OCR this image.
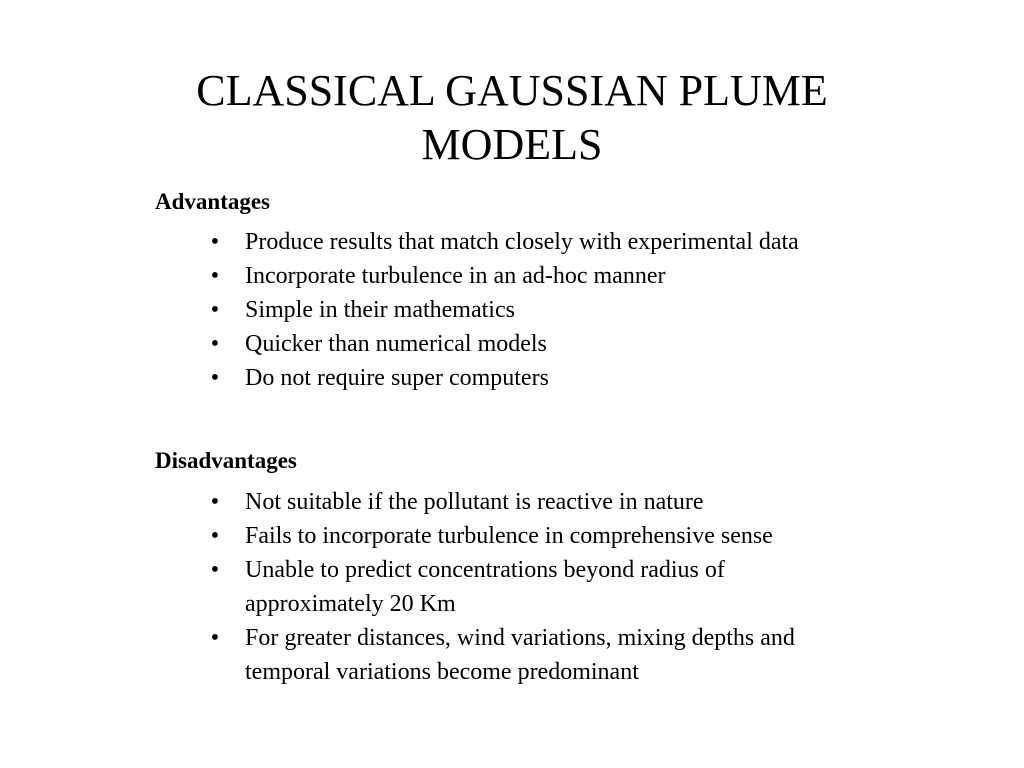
CLASSICAL GAUSSIAN PLUME
MODELS
Advantages
• Produce results that match closely with experimental data
• Incorporate turbulence in an ad-hoc manner
• Simple in their mathematics
• Quicker than numerical models
• Do not require super computers
Disadvantages
• Not suitable if the pollutant is reactive in nature
• Fails to incorporate turbulence in comprehensive sense
• Unable to predict concentrations beyond radius of approximately 20 Km
• For greater distances, wind variations, mixing depths and temporal variations become predominant
